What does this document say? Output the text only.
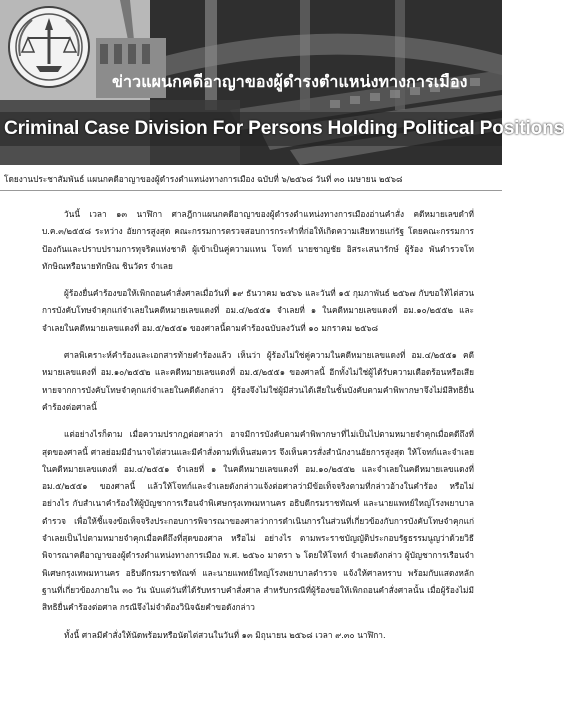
ข่าวแผนกคดีอาญาของผู้ดำรงตำแหน่งทางการเมือง
Criminal Case Division For Persons Holding Political Positions
โดยงานประชาสัมพันธ์ แผนกคดีอาญาของผู้ดำรงตำแหน่งทางการเมือง ฉบับที่ ๖/๒๕๖๘ วันที่ ๓๐ เมษายน ๒๕๖๘

วันนี้ เวลา ๑๓ นาฬิกา ศาลฎีกาแผนกคดีอาญาของผู้ดำรงตำแหน่งทางการเมืองอ่านคำสั่ง คดีหมายเลขดำที่ บ.ค.๓/๒๕๕๘ ระหว่าง อัยการสูงสุด คณะกรรมการตรวจสอบการกระทำที่ก่อให้เกิดความเสียหายแก่รัฐ โดยคณะกรรมการป้องกันและปราบปรามการทุจริตแห่งชาติ ผู้เข้าเป็นคู่ความแทน โจทก์ นายชาญชัย อิสระเสนารักษ์ ผู้ร้อง พันตำรวจโททักษิณหรือนายทักษิณ ชินวัตร จำเลย

ผู้ร้องยื่นคำร้องขอให้เพิกถอนคำสั่งศาลเมื่อวันที่ ๑๙ ธันวาคม ๒๕๖๖ และวันที่ ๑๕ กุมภาพันธ์ ๒๕๖๗ กับขอให้ไต่สวนการบังคับโทษจำคุกแก่จำเลยในคดีหมายเลขแดงที่ อม.๔/๒๕๕๑ จำเลยที่ ๑ ในคดีหมายเลขแดงที่ อม.๑๐/๒๕๕๒ และจำเลยในคดีหมายเลขแดงที่ อม.๕/๒๕๕๑ ของศาลนี้ตามคำร้องฉบับลงวันที่ ๑๐ มกราคม ๒๕๖๘

ศาลพิเคราะห์คำร้องและเอกสารท้ายคำร้องแล้ว เห็นว่า ผู้ร้องไม่ใช่คู่ความในคดีหมายเลขแดงที่ อม.๔/๒๕๕๑ คดีหมายเลขแดงที่ อม.๑๐/๒๕๕๒ และคดีหมายเลขแดงที่ อม.๕/๒๕๕๑ ของศาลนี้ อีกทั้งไม่ใช่ผู้ได้รับความเดือดร้อนหรือเสียหายจากการบังคับโทษจำคุกแก่จำเลยในคดีดังกล่าว ผู้ร้องจึงไม่ใช่ผู้มีส่วนได้เสียในชั้นบังคับตามคำพิพากษาจึงไม่มีสิทธิยื่นคำร้องต่อศาลนี้

แต่อย่างไรก็ตาม เมื่อความปรากฏต่อศาลว่า อาจมีการบังคับตามคำพิพากษาที่ไม่เป็นไปตามหมายจำคุกเมื่อคดีถึงที่สุดของศาลนี้ ศาลย่อมมีอำนาจไต่สวนและมีคำสั่งตามที่เห็นสมควร จึงเห็นควรสั่งสำนักงานอัยการสูงสุด ให้โจทก์และจำเลยในคดีหมายเลขแดงที่ อม.๔/๒๕๕๑ จำเลยที่ ๑ ในคดีหมายเลขแดงที่ อม.๑๐/๒๕๕๒ และจำเลยในคดีหมายเลขแดงที่ อม.๕/๒๕๕๑ ของศาลนี้ แล้วให้โจทก์และจำเลยดังกล่าวแจ้งต่อศาลว่ามีข้อเท็จจริงตามที่กล่าวอ้างในคำร้อง หรือไม่ อย่างไร กับสำเนาคำร้องให้ผู้บัญชาการเรือนจำพิเศษกรุงเทพมหานคร อธิบดีกรมราชทัณฑ์ และนายแพทย์ใหญ่โรงพยาบาลตำรวจ เพื่อให้ชี้แจงข้อเท็จจริงประกอบการพิจารณาของศาลว่าการดำเนินการในส่วนที่เกี่ยวข้องกับการบังคับโทษจำคุกแก่จำเลยเป็นไปตามหมายจำคุกเมื่อคดีถึงที่สุดของศาล หรือไม่ อย่างไร ตามพระราชบัญญัติประกอบรัฐธรรมนูญว่าด้วยวิธีพิจารณาคดีอาญาของผู้ดำรงตำแหน่งทางการเมือง พ.ศ. ๒๕๖๐ มาตรา ๖ โดยให้โจทก์ จำเลยดังกล่าว ผู้บัญชาการเรือนจำพิเศษกรุงเทพมหานคร อธิบดีกรมราชทัณฑ์ และนายแพทย์ใหญ่โรงพยาบาลตำรวจ แจ้งให้ศาลทราบ พร้อมกับแสดงหลักฐานที่เกี่ยวข้องภายใน ๓๐ วัน นับแต่วันที่ได้รับทราบคำสั่งศาล สำหรับกรณีที่ผู้ร้องขอให้เพิกถอนคำสั่งศาลนั้น เมื่อผู้ร้องไม่มีสิทธิยื่นคำร้องต่อศาล กรณีจึงไม่จำต้องวินิจฉัยคำขอดังกล่าว

ทั้งนี้ ศาลมีคำสั่งให้นัดพร้อมหรือนัดไต่สวนในวันที่ ๑๓ มิถุนายน ๒๕๖๘ เวลา ๙.๓๐ นาฬิกา.
